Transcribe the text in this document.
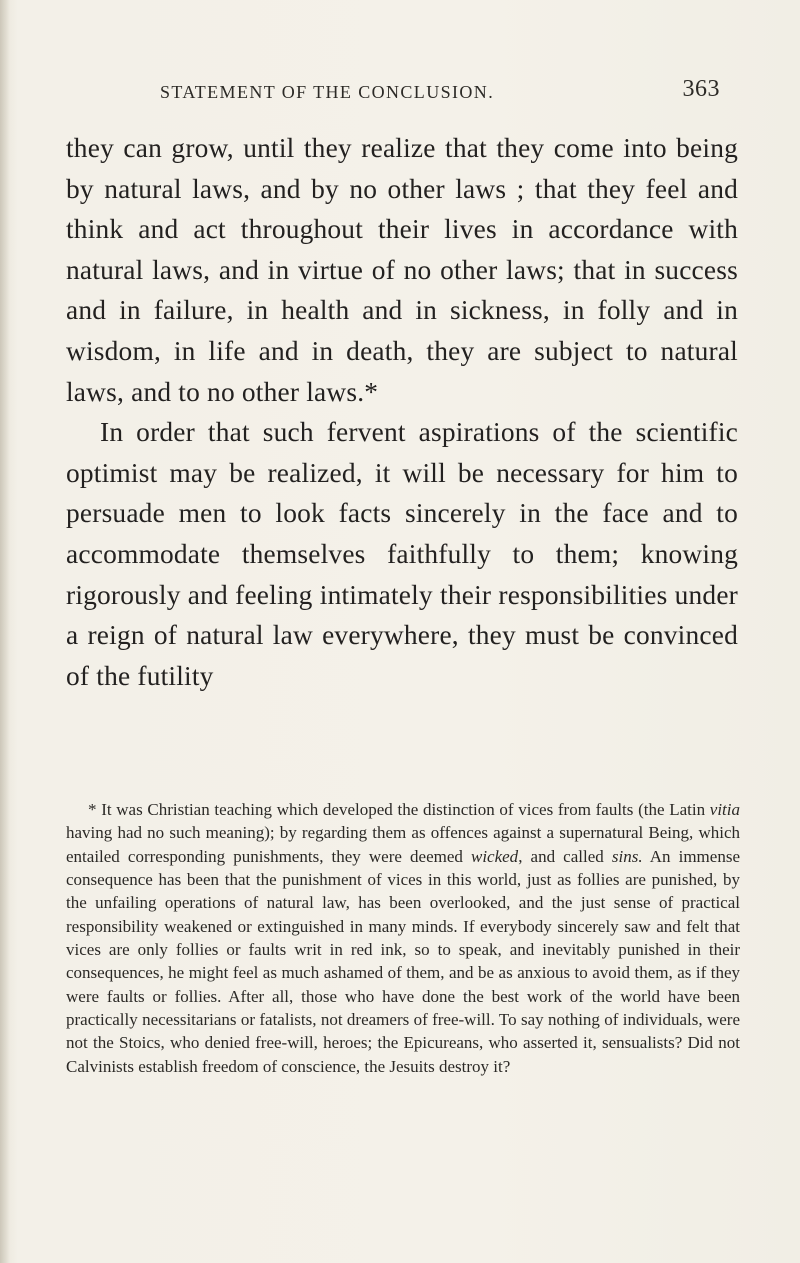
STATEMENT OF THE CONCLUSION.	363

they can grow, until they realize that they come into being by natural laws, and by no other laws ; that they feel and think and act throughout their lives in accordance with natural laws, and in virtue of no other laws; that in success and in failure, in health and in sickness, in folly and in wisdom, in life and in death, they are subject to natural laws, and to no other laws.*

In order that such fervent aspirations of the scientific optimist may be realized, it will be necessary for him to persuade men to look facts sincerely in the face and to accommodate themselves faithfully to them; knowing rigorously and feeling intimately their responsibilities under a reign of natural law everywhere, they must be convinced of the futility

* It was Christian teaching which developed the distinction of vices from faults (the Latin vitia having had no such meaning); by regarding them as offences against a supernatural Being, which entailed corresponding punishments, they were deemed wicked, and called sins. An immense consequence has been that the punishment of vices in this world, just as follies are punished, by the unfailing operations of natural law, has been overlooked, and the just sense of practical responsibility weakened or extinguished in many minds. If everybody sincerely saw and felt that vices are only follies or faults writ in red ink, so to speak, and inevitably punished in their consequences, he might feel as much ashamed of them, and be as anxious to avoid them, as if they were faults or follies. After all, those who have done the best work of the world have been practically necessitarians or fatalists, not dreamers of free-will. To say nothing of individuals, were not the Stoics, who denied free-will, heroes; the Epicureans, who asserted it, sensualists? Did not Calvinists establish freedom of conscience, the Jesuits destroy it?
